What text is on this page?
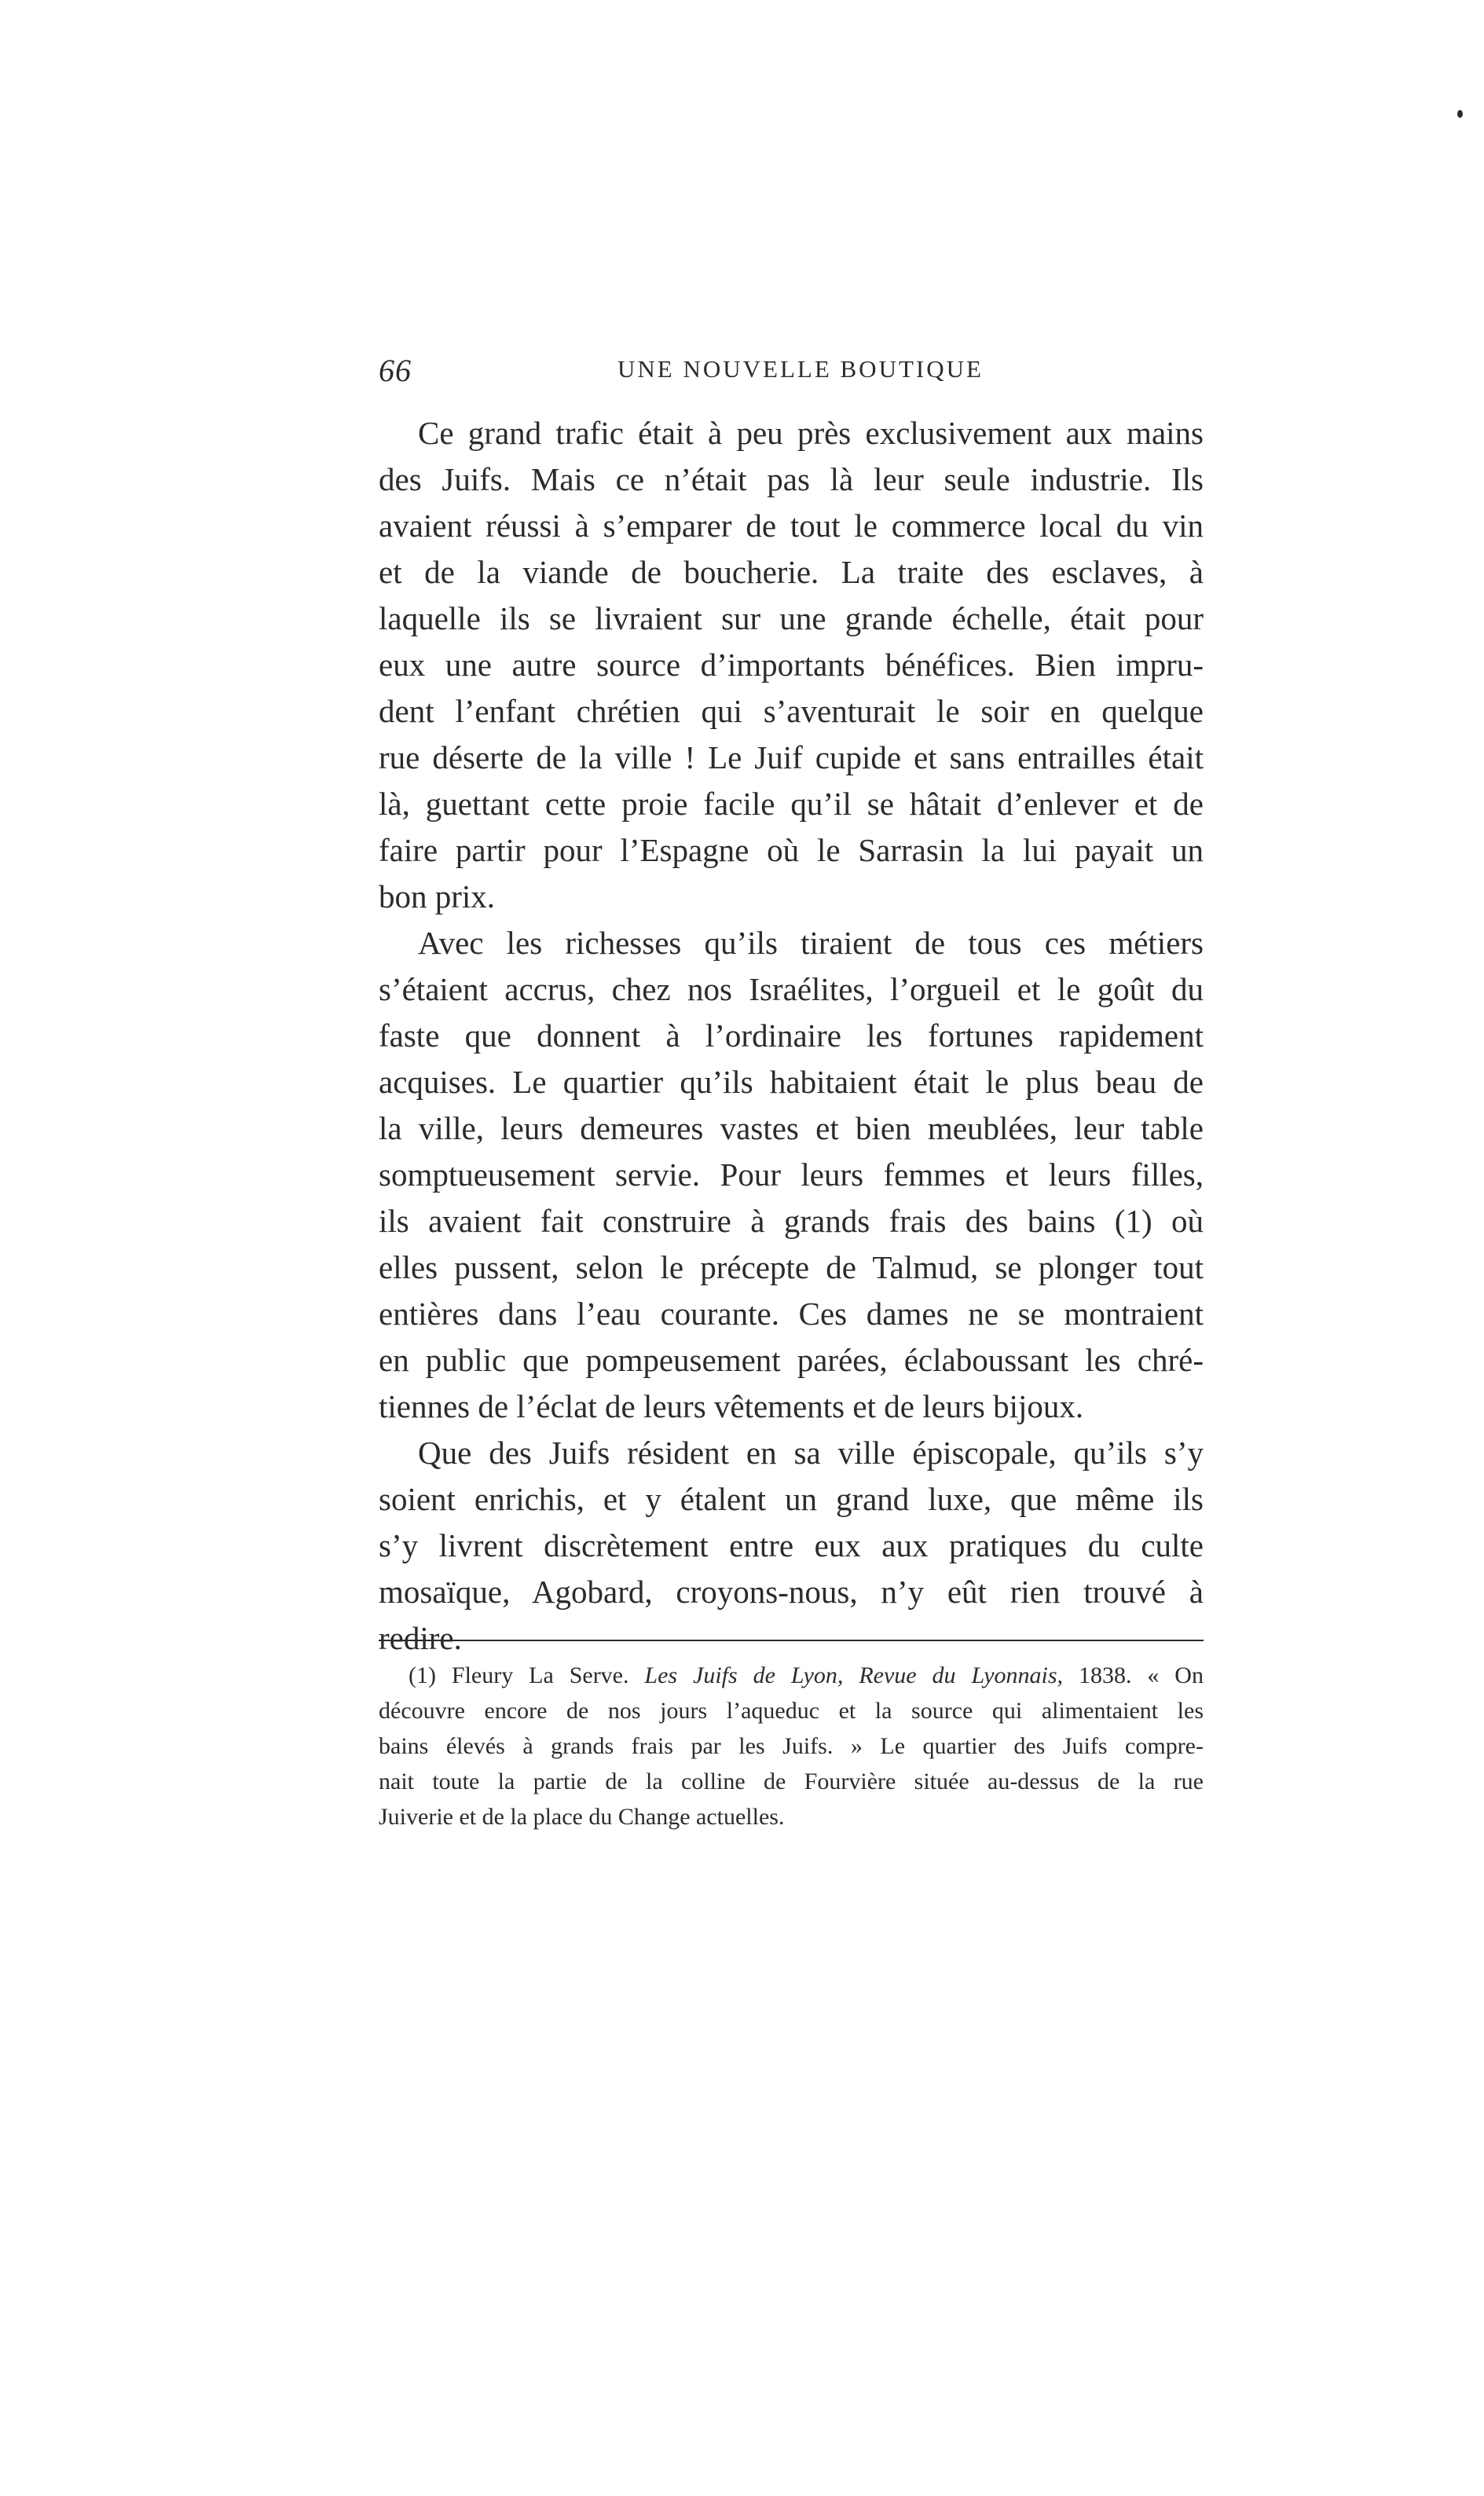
66	UNE NOUVELLE BOUTIQUE
Ce grand trafic était à peu près exclusivement aux mains
des Juifs. Mais ce n’était pas là leur seule industrie. Ils
avaient réussi à s’emparer de tout le commerce local du vin
et de la viande de boucherie. La traite des esclaves, à
laquelle ils se livraient sur une grande échelle, était pour
eux une autre source d’importants bénéfices. Bien impru-
dent l’enfant chrétien qui s’aventurait le soir en quelque
rue déserte de la ville ! Le Juif cupide et sans entrailles était
là, guettant cette proie facile qu’il se hâtait d’enlever et de
faire partir pour l’Espagne où le Sarrasin la lui payait un
bon prix.
Avec les richesses qu’ils tiraient de tous ces métiers
s’étaient accrus, chez nos Israélites, l’orgueil et le goût du
faste que donnent à l’ordinaire les fortunes rapidement
acquises. Le quartier qu’ils habitaient était le plus beau de
la ville, leurs demeures vastes et bien meublées, leur table
somptueusement servie. Pour leurs femmes et leurs filles,
ils avaient fait construire à grands frais des bains (1) où
elles pussent, selon le précepte de Talmud, se plonger tout
entières dans l’eau courante. Ces dames ne se montraient
en public que pompeusement parées, éclaboussant les chré-
tiennes de l’éclat de leurs vêtements et de leurs bijoux.
Que des Juifs résident en sa ville épiscopale, qu’ils s’y
soient enrichis, et y étalent un grand luxe, que même ils
s’y livrent discrètement entre eux aux pratiques du culte
mosaïque, Agobard, croyons-nous, n’y eût rien trouvé à
redire.
(1) Fleury La Serve. Les Juifs de Lyon, Revue du Lyonnais, 1838. « On
découvre encore de nos jours l’aqueduc et la source qui alimentaient les
bains élevés à grands frais par les Juifs. » Le quartier des Juifs compre-
nait toute la partie de la colline de Fourvière située au-dessus de la rue
Juiverie et de la place du Change actuelles.
